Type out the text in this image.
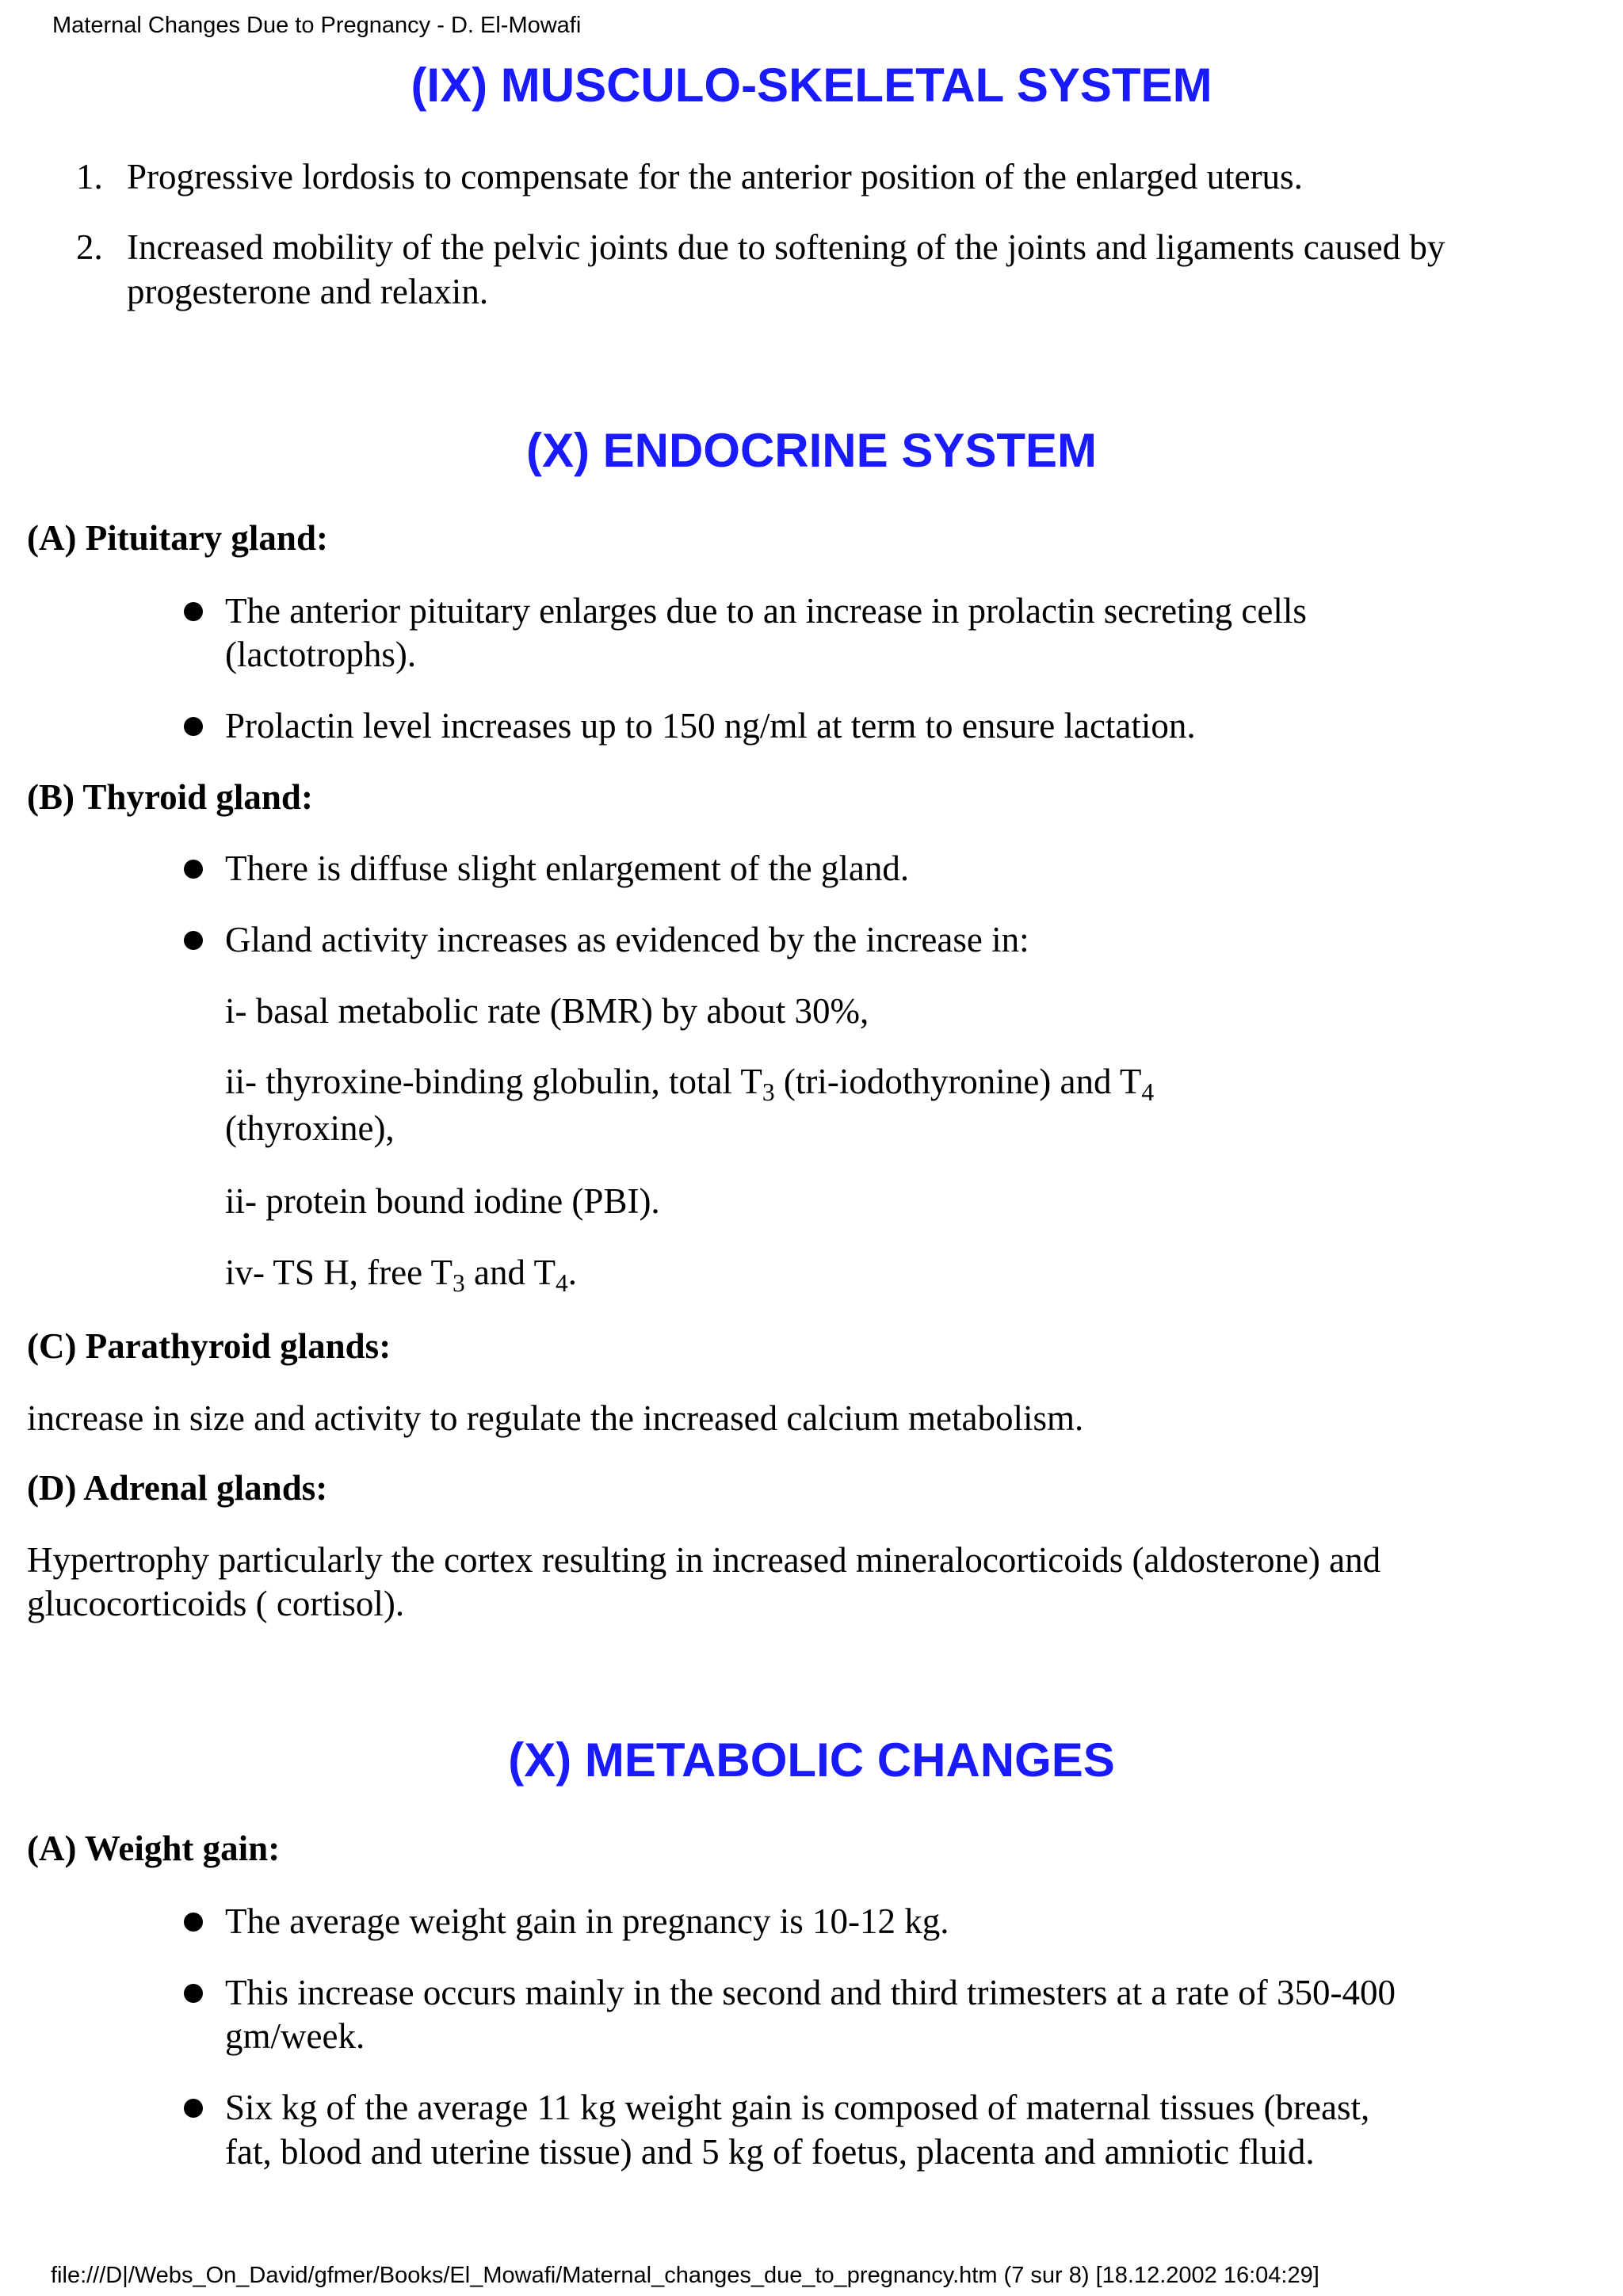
Maternal Changes Due to Pregnancy - D. El-Mowafi
(IX) MUSCULO-SKELETAL SYSTEM
1. Progressive lordosis to compensate for the anterior position of the enlarged uterus.
2. Increased mobility of the pelvic joints due to softening of the joints and ligaments caused by
progesterone and relaxin.
(X) ENDOCRINE SYSTEM
(A) Pituitary gland:
The anterior pituitary enlarges due to an increase in prolactin secreting cells
(lactotrophs).
Prolactin level increases up to 150 ng/ml at term to ensure lactation.
(B) Thyroid gland:
There is diffuse slight enlargement of the gland.
Gland activity increases as evidenced by the increase in:
i- basal metabolic rate (BMR) by about 30%,
ii- thyroxine-binding globulin, total $T_3$ (tri-iodothyronine) and $T_4$
(thyroxine),
ii- protein bound iodine (PBI).
iv- TS H, free $T_3$ and $T_4$.
(C) Parathyroid glands:
increase in size and activity to regulate the increased calcium metabolism.
(D) Adrenal glands:
Hypertrophy particularly the cortex resulting in increased mineralocorticoids (aldosterone) and
glucocorticoids ( cortisol).
(X) METABOLIC CHANGES
(A) Weight gain:
The average weight gain in pregnancy is 10-12 kg.
This increase occurs mainly in the second and third trimesters at a rate of 350-400
gm/week.
Six kg of the average 11 kg weight gain is composed of maternal tissues (breast,
fat, blood and uterine tissue) and 5 kg of foetus, placenta and amniotic fluid.
file:///D|/Webs_On_David/gfmer/Books/El_Mowafi/Maternal_changes_due_to_pregnancy.htm (7 sur 8) [18.12.2002 16:04:29]
